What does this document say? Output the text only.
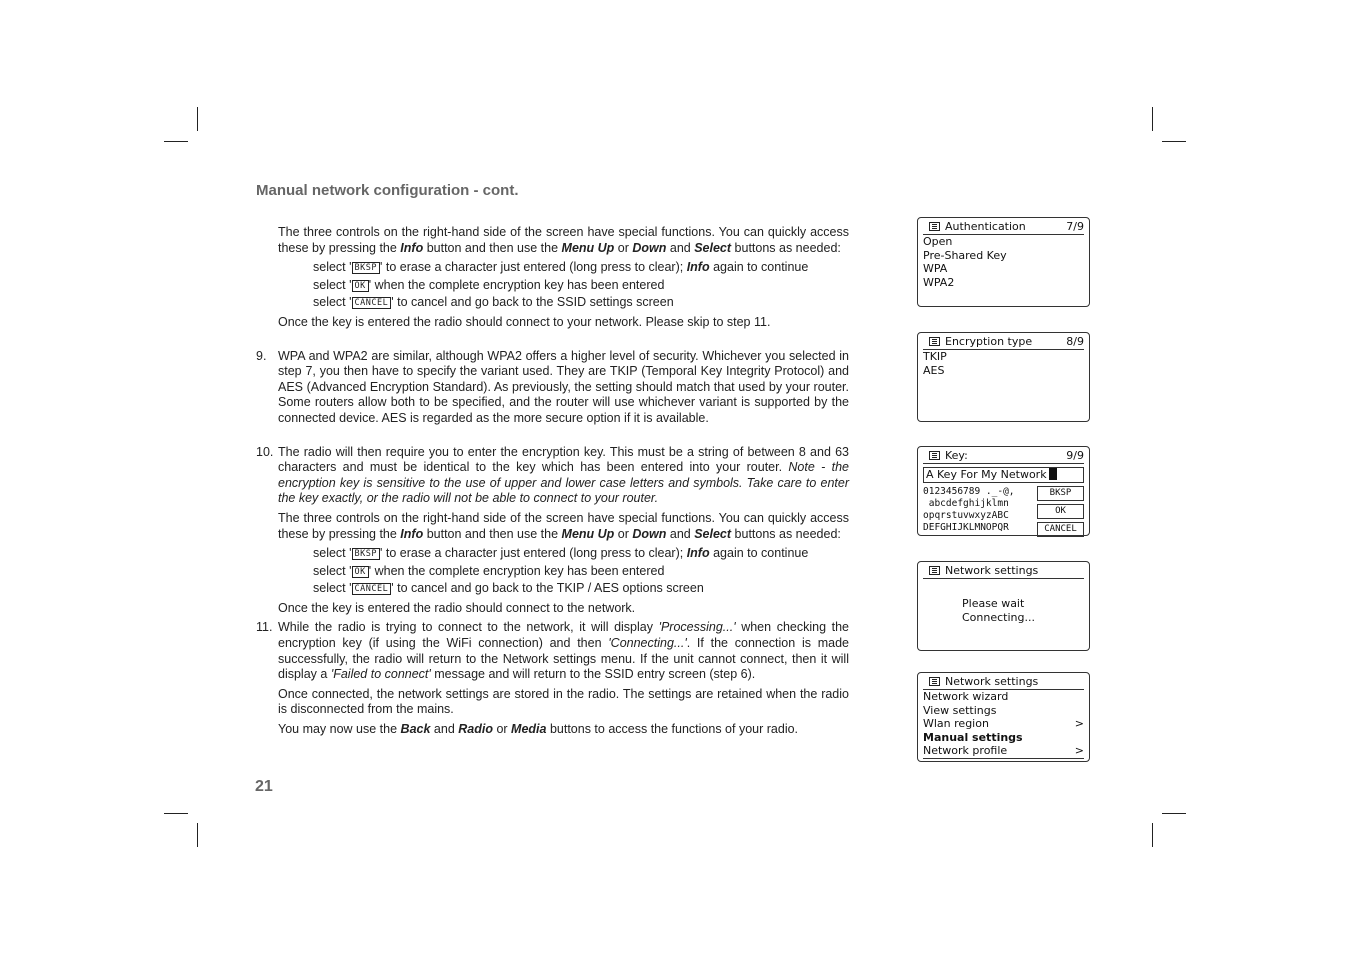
Manual network configuration - cont.
21

The three controls on the right-hand side of the screen have special functions. You can quickly access these by pressing the Info button and then use the Menu Up or Down and Select buttons as needed:

select ' BKSP ' to erase a character just entered (long press to clear); Info again to continue

select ' OK ' when the complete encryption key has been entered

select ' CANCEL ' to cancel and go back to the SSID settings screen

Once the key is entered the radio should connect to your network. Please skip to step 11.

9. WPA and WPA2 are similar, although WPA2 offers a higher level of security. Whichever you selected in step 7, you then have to specify the variant used. They are TKIP (Temporal Key Integrity Protocol) and AES (Advanced Encryption Standard). As previously, the setting should match that used by your router. Some routers allow both to be specified, and the router will use whichever variant is supported by the connected device. AES is regarded as the more secure option if it is available.

10. The radio will then require you to enter the encryption key. This must be a string of between 8 and 63 characters and must be identical to the key which has been entered into your router. Note - the encryption key is sensitive to the use of upper and lower case letters and symbols. Take care to enter the key exactly, or the radio will not be able to connect to your router.

The three controls on the right-hand side of the screen have special functions. You can quickly access these by pressing the Info button and then use the Menu Up or Down and Select buttons as needed:

select ' BKSP ' to erase a character just entered (long press to clear); Info again to continue

select ' OK ' when the complete encryption key has been entered

select ' CANCEL ' to cancel and go back to the TKIP / AES options screen

Once the key is entered the radio should connect to the network.

11. While the radio is trying to connect to the network, it will display 'Processing...' when checking the encryption key (if using the WiFi connection) and then 'Connecting...'. If the connection is made successfully, the radio will return to the Network settings menu. If the unit cannot connect, then it will display a 'Failed to connect' message and will return to the SSID entry screen (step 6).

Once connected, the network settings are stored in the radio. The settings are retained when the radio is disconnected from the mains.

You may now use the Back and Radio or Media buttons to access the functions of your radio.

Authentication	7/9
Open
Pre-Shared Key
WPA
WPA2
Encryption type	8/9
TKIP
AES
Key:	9/9
A Key For My Network
0123456789 ._-@,
abcdefghijklmn
opqrstuvwxyzABC
DEFGHIJKLMNOPQR
BKSP
OK
CANCEL
Network settings
Please wait
Connecting...
Network settings
Network wizard
View settings
Wlan region	>
Manual settings
Network profile	>
